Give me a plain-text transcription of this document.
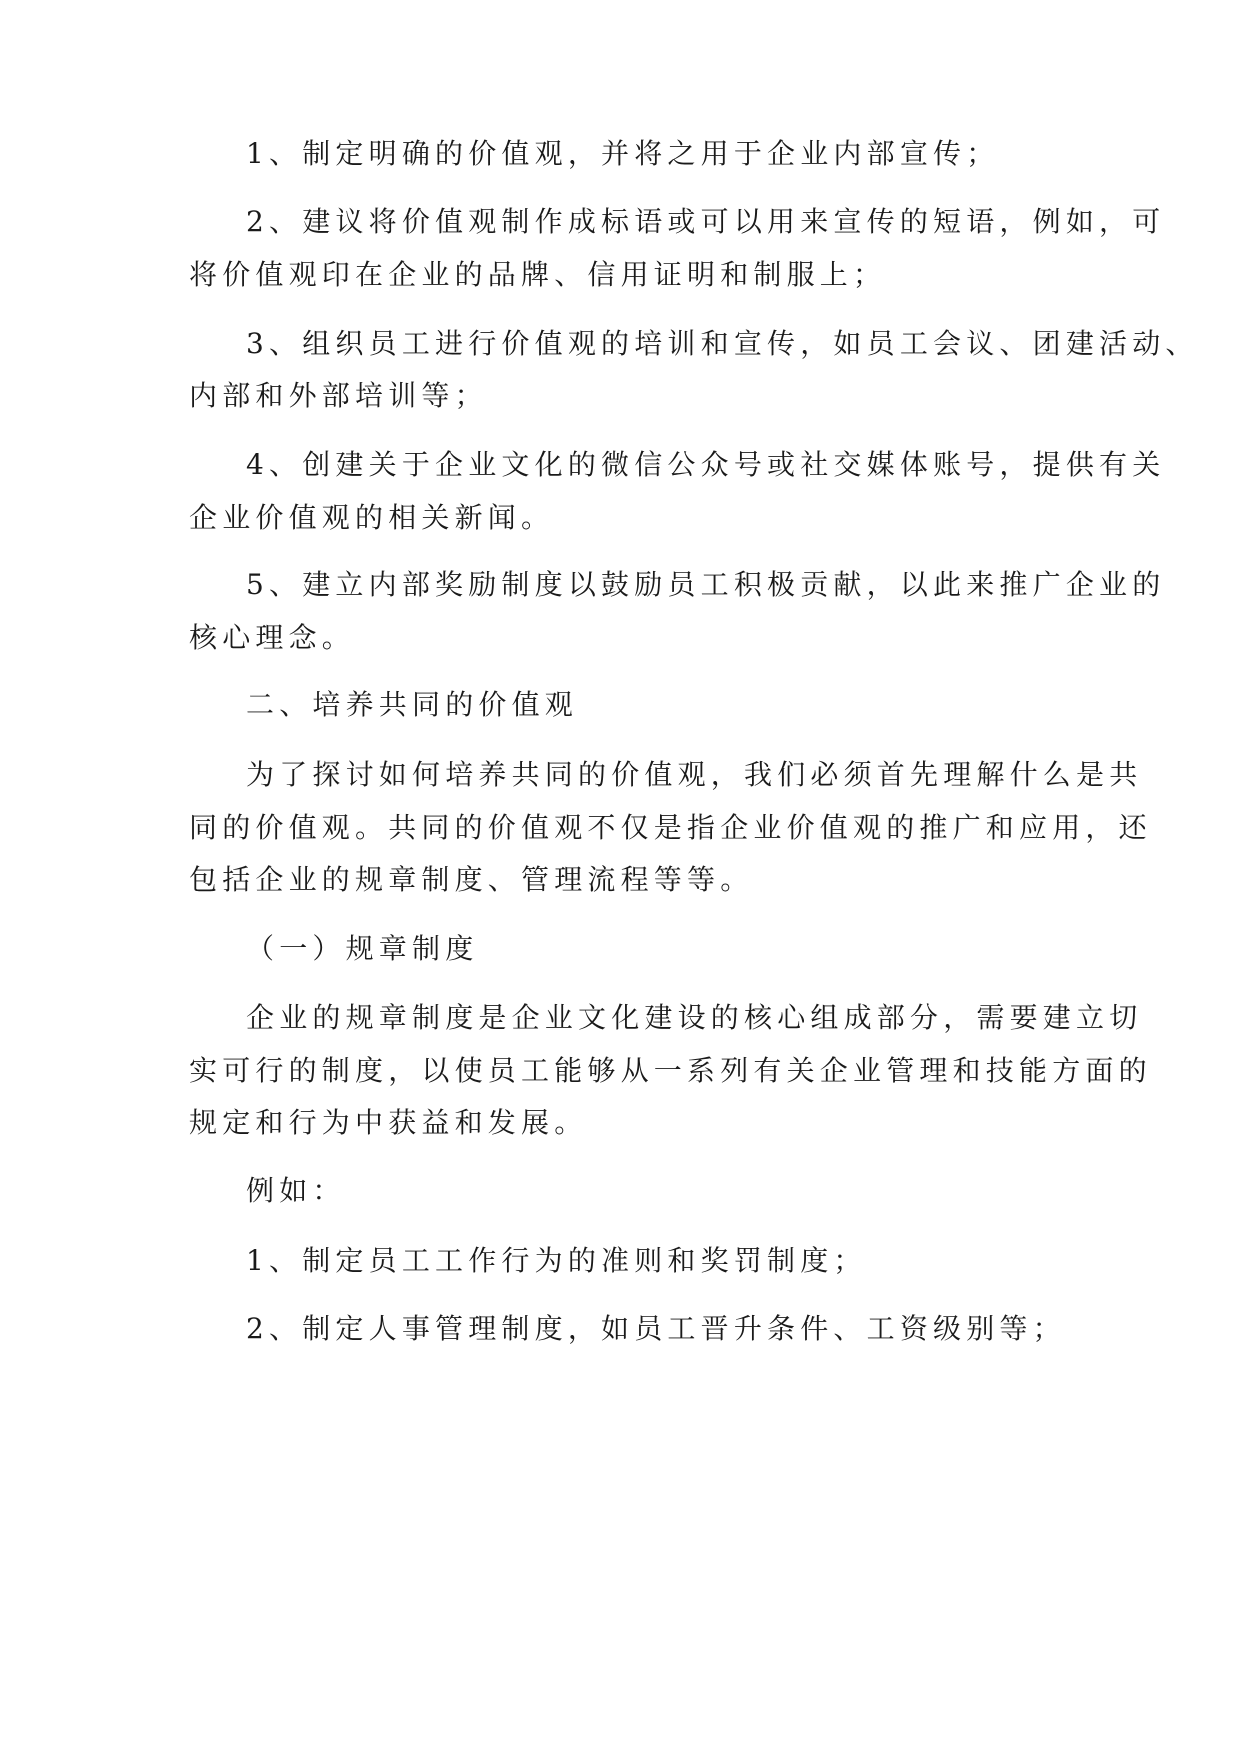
1、制定明确的价值观，并将之用于企业内部宣传；
2、建议将价值观制作成标语或可以用来宣传的短语，例如，可
将价值观印在企业的品牌、信用证明和制服上；
3、组织员工进行价值观的培训和宣传，如员工会议、团建活动、
内部和外部培训等；
4、创建关于企业文化的微信公众号或社交媒体账号，提供有关
企业价值观的相关新闻。
5、建立内部奖励制度以鼓励员工积极贡献，以此来推广企业的
核心理念。
二、培养共同的价值观
为了探讨如何培养共同的价值观，我们必须首先理解什么是共
同的价值观。共同的价值观不仅是指企业价值观的推广和应用，还
包括企业的规章制度、管理流程等等。
（一）规章制度
企业的规章制度是企业文化建设的核心组成部分，需要建立切
实可行的制度，以使员工能够从一系列有关企业管理和技能方面的
规定和行为中获益和发展。
例如：
1、制定员工工作行为的准则和奖罚制度；
2、制定人事管理制度，如员工晋升条件、工资级别等；
